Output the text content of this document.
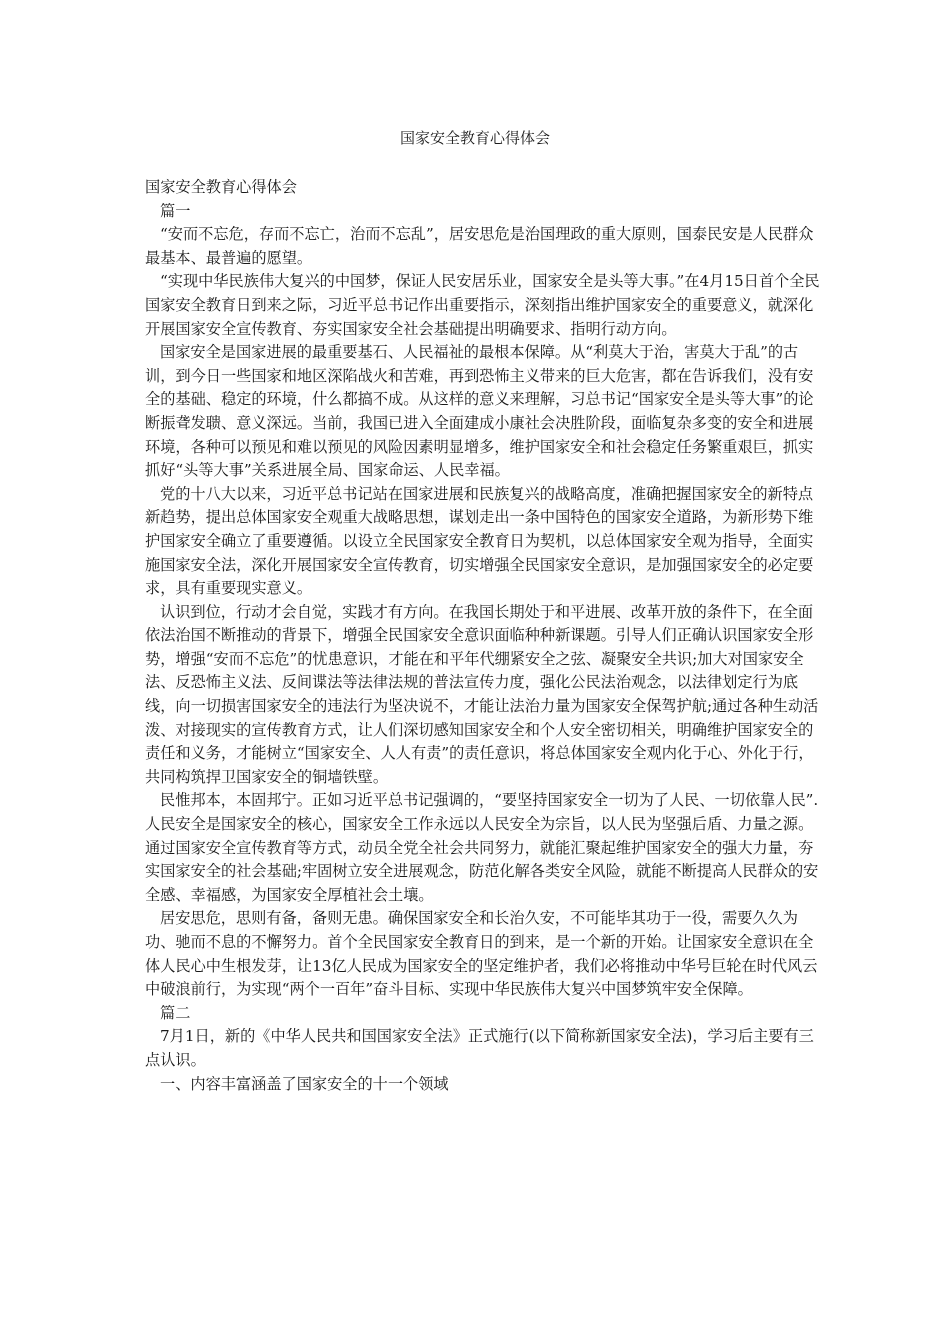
国家安全教育心得体会

国家安全教育心得体会

篇一

“安而不忘危，存而不忘亡，治而不忘乱”，居安思危是治国理政的重大原则，国泰民安是人民群众最基本、最普遍的愿望。

“实现中华民族伟大复兴的中国梦，保证人民安居乐业，国家安全是头等大事。”在4月15日首个全民国家安全教育日到来之际，习近平总书记作出重要指示，深刻指出维护国家安全的重要意义，就深化开展国家安全宣传教育、夯实国家安全社会基础提出明确要求、指明行动方向。

国家安全是国家进展的最重要基石、人民福祉的最根本保障。从“利莫大于治，害莫大于乱”的古训，到今日一些国家和地区深陷战火和苦难，再到恐怖主义带来的巨大危害，都在告诉我们，没有安全的基础、稳定的环境，什么都搞不成。从这样的意义来理解，习总书记“国家安全是头等大事”的论断振聋发聩、意义深远。当前，我国已进入全面建成小康社会决胜阶段，面临复杂多变的安全和进展环境，各种可以预见和难以预见的风险因素明显增多，维护国家安全和社会稳定任务繁重艰巨，抓实抓好“头等大事”关系进展全局、国家命运、人民幸福。

党的十八大以来，习近平总书记站在国家进展和民族复兴的战略高度，准确把握国家安全的新特点新趋势，提出总体国家安全观重大战略思想，谋划走出一条中国特色的国家安全道路，为新形势下维护国家安全确立了重要遵循。以设立全民国家安全教育日为契机，以总体国家安全观为指导，全面实施国家安全法，深化开展国家安全宣传教育，切实增强全民国家安全意识，是加强国家安全的必定要求，具有重要现实意义。

认识到位，行动才会自觉，实践才有方向。在我国长期处于和平进展、改革开放的条件下，在全面依法治国不断推动的背景下，增强全民国家安全意识面临种种新课题。引导人们正确认识国家安全形势，增强“安而不忘危”的忧患意识，才能在和平年代绷紧安全之弦、凝聚安全共识;加大对国家安全法、反恐怖主义法、反间谍法等法律法规的普法宣传力度，强化公民法治观念，以法律划定行为底线，向一切损害国家安全的违法行为坚决说不，才能让法治力量为国家安全保驾护航;通过各种生动活泼、对接现实的宣传教育方式，让人们深切感知国家安全和个人安全密切相关，明确维护国家安全的责任和义务，才能树立“国家安全、人人有责”的责任意识，将总体国家安全观内化于心、外化于行，共同构筑捍卫国家安全的铜墙铁壁。

民惟邦本，本固邦宁。正如习近平总书记强调的，“要坚持国家安全一切为了人民、一切依靠人民”.人民安全是国家安全的核心，国家安全工作永远以人民安全为宗旨，以人民为坚强后盾、力量之源。通过国家安全宣传教育等方式，动员全党全社会共同努力，就能汇聚起维护国家安全的强大力量，夯实国家安全的社会基础;牢固树立安全进展观念，防范化解各类安全风险，就能不断提高人民群众的安全感、幸福感，为国家安全厚植社会土壤。

居安思危，思则有备，备则无患。确保国家安全和长治久安，不可能毕其功于一役，需要久久为功、驰而不息的不懈努力。首个全民国家安全教育日的到来，是一个新的开始。让国家安全意识在全体人民心中生根发芽，让13亿人民成为国家安全的坚定维护者，我们必将推动中华号巨轮在时代风云中破浪前行，为实现“两个一百年”奋斗目标、实现中华民族伟大复兴中国梦筑牢安全保障。

篇二

7月1日，新的《中华人民共和国国家安全法》正式施行(以下简称新国家安全法)，学习后主要有三点认识。

一、内容丰富涵盖了国家安全的十一个领域
